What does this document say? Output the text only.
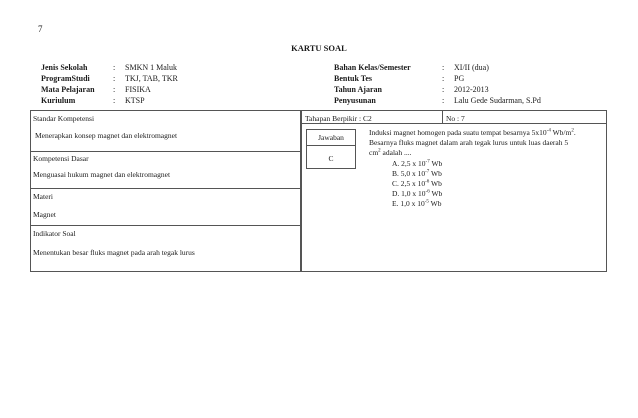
7
KARTU SOAL
Jenis Sekolah	:	SMKN 1 Maluk
ProgramStudi	:	TKJ, TAB, TKR
Mata Pelajaran	:	FISIKA
Kuriulum	:	KTSP
Bahan Kelas/Semester	:	XI/II (dua)
Bentuk Tes	:	PG
Tahun Ajaran	:	2012-2013
Penyusunan	:	Lalu Gede Sudarman, S.Pd
Standar Kompetensi
Menerapkan konsep magnet dan elektromagnet
Kompetensi Dasar
Menguasai hukum magnet dan elektromagnet
Materi
Magnet
Indikator Soal
Menentukan besar fluks magnet pada arah tegak lurus
Tahapan Berpikir : C2	No : 7
Jawaban
C
Induksi magnet homogen pada suatu tempat besarnya $5x10^{-4}$ $Wb/m^2$.
Besarnya fluks magnet dalam arah tegak lurus untuk luas daerah 5
$cm^2$ adalah ....
A. 2,5 x $10^{-7}$ Wb
B. 5,0 x $10^{-7}$ Wb
C. 2,5 x $10^{-6}$ Wb
D. 1,0 x $10^{-6}$ Wb
E. 1,0 x $10^{-5}$ Wb
